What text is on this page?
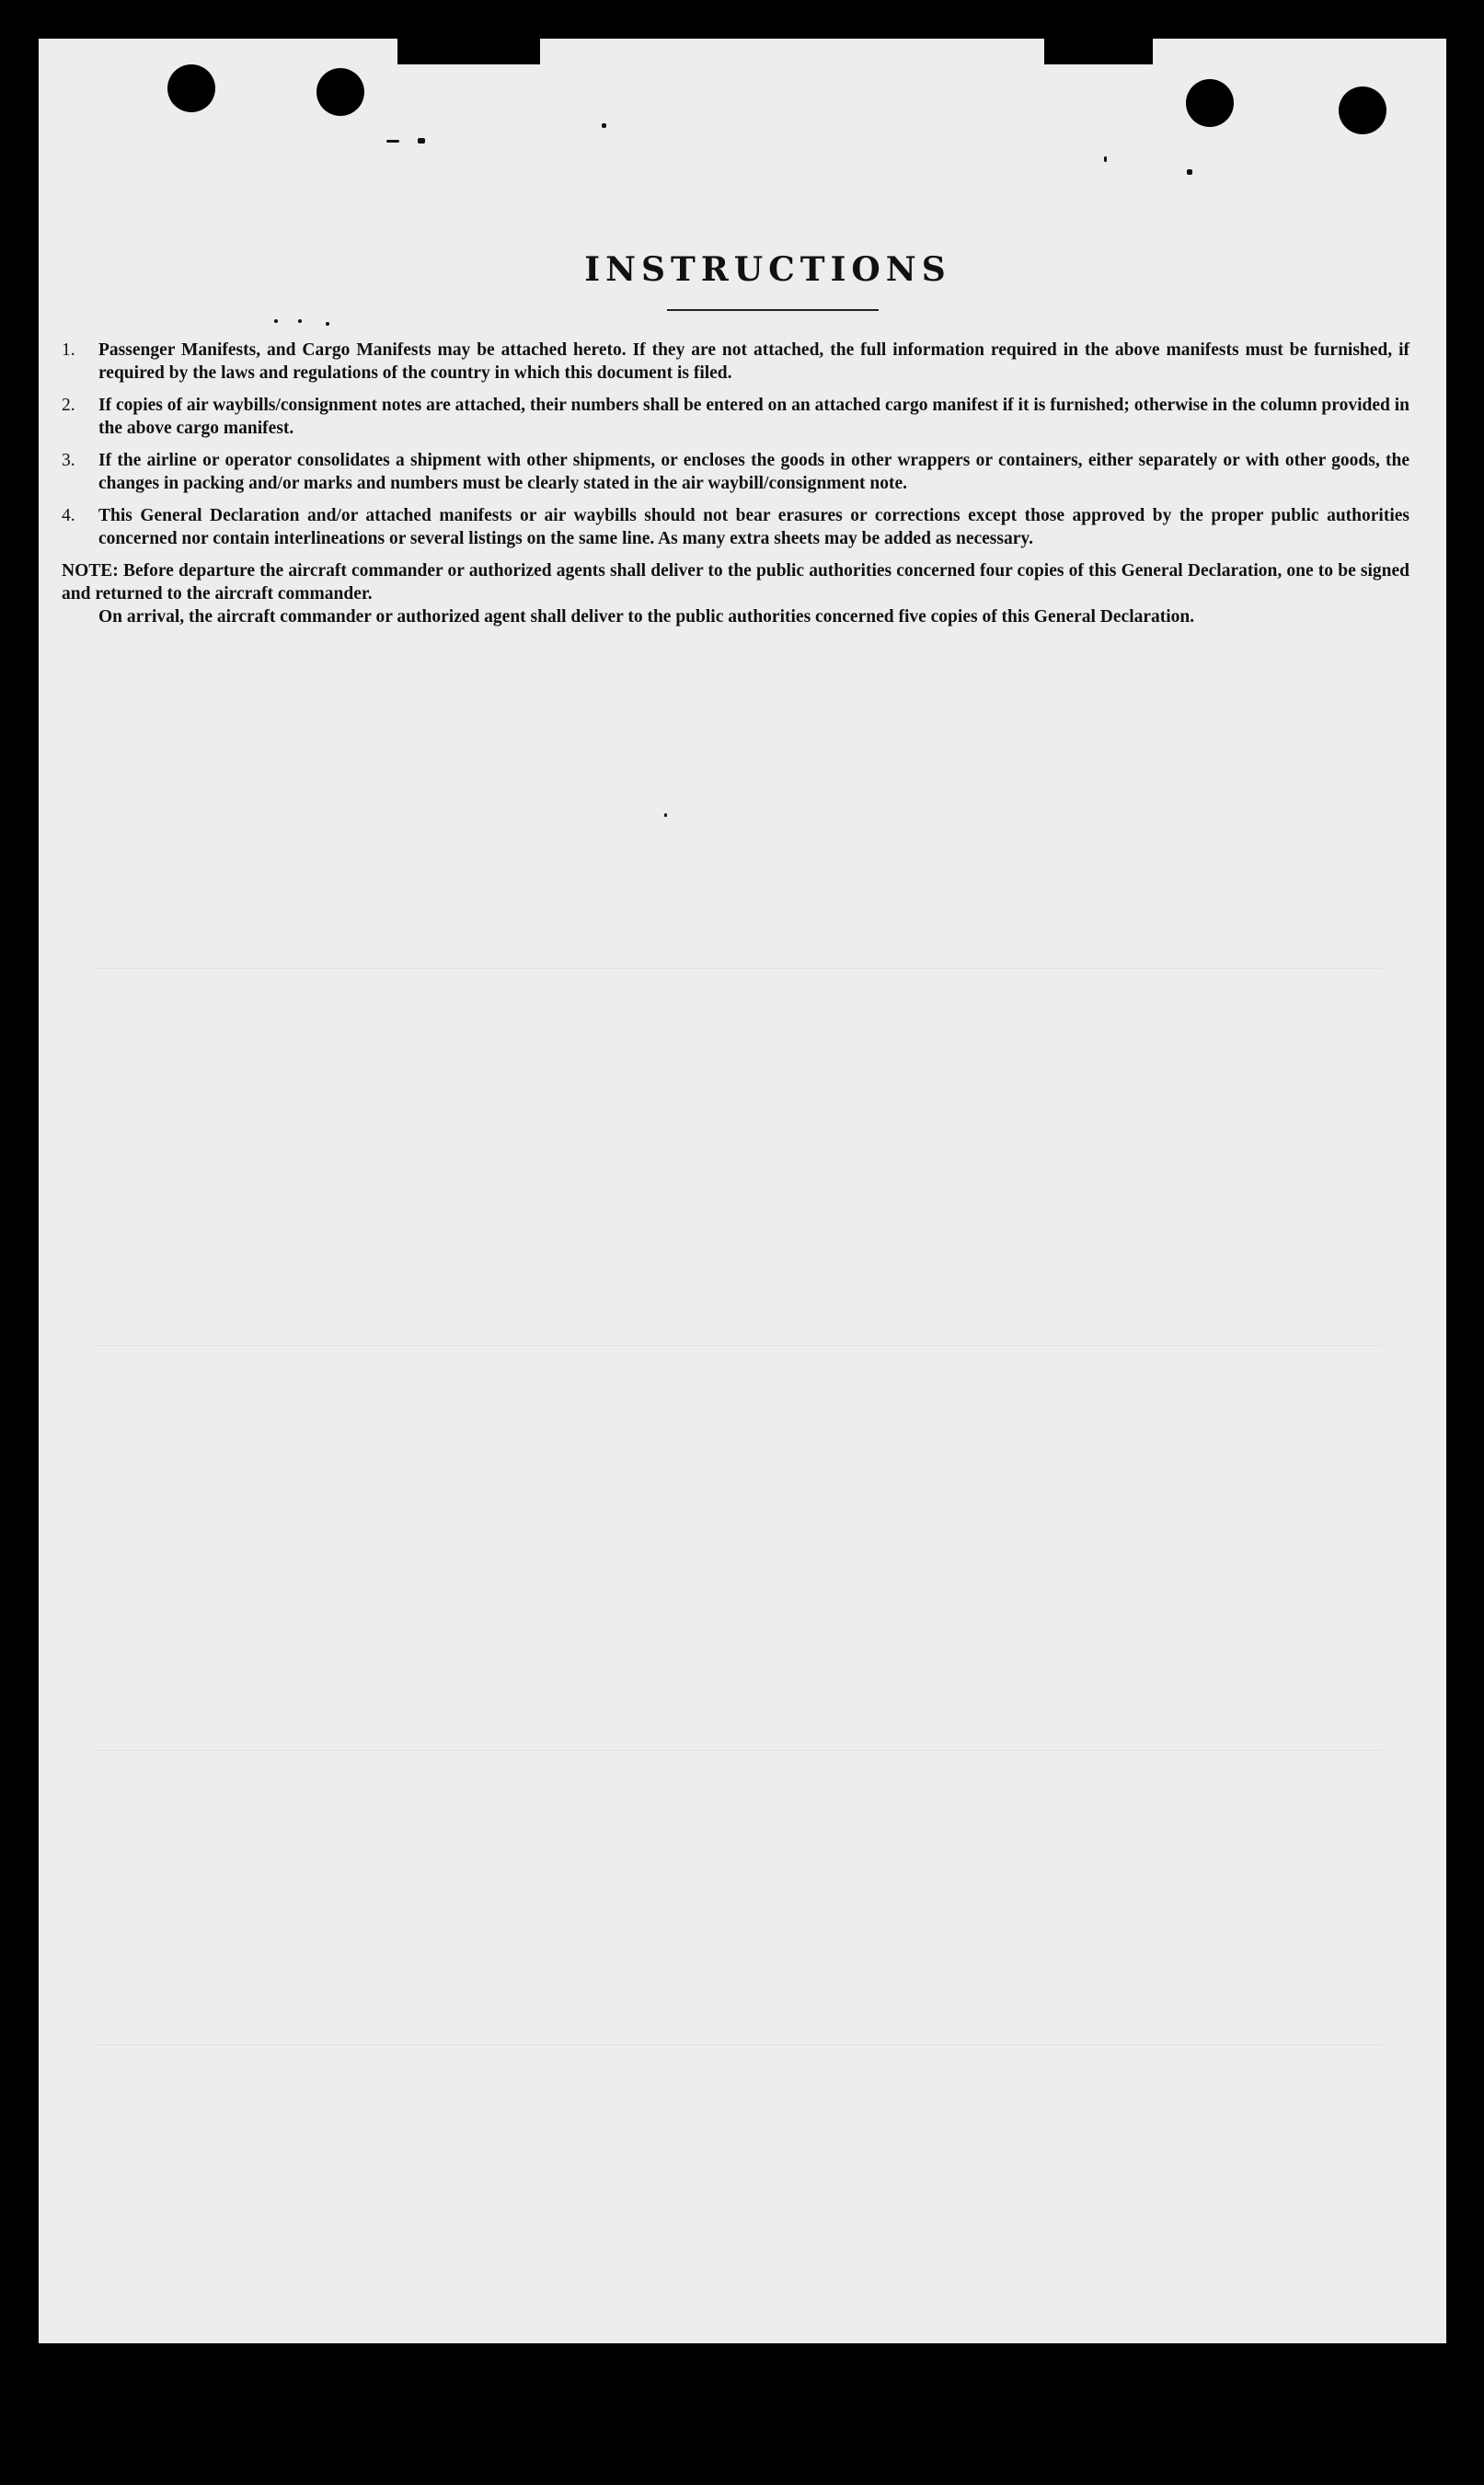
INSTRUCTIONS
1.	Passenger Manifests, and Cargo Manifests may be attached hereto. If they are not attached, the full information required in the above manifests must be furnished, if required by the laws and regulations of the country in which this document is filed.
2.	If copies of air waybills/consignment notes are attached, their numbers shall be entered on an attached cargo manifest if it is furnished; otherwise in the column provided in the above cargo manifest.
3.	If the airline or operator consolidates a shipment with other shipments, or encloses the goods in other wrappers or containers, either separately or with other goods, the changes in packing and/or marks and numbers must be clearly stated in the air waybill/consignment note.
4.	This General Declaration and/or attached manifests or air waybills should not bear erasures or corrections except those approved by the proper public authorities concerned nor contain interlineations or several listings on the same line. As many extra sheets may be added as necessary.
NOTE: Before departure the aircraft commander or authorized agents shall deliver to the public authorities concerned four copies of this General Declaration, one to be signed and returned to the aircraft commander.
On arrival, the aircraft commander or authorized agent shall deliver to the public authorities concerned five copies of this General Declaration.
